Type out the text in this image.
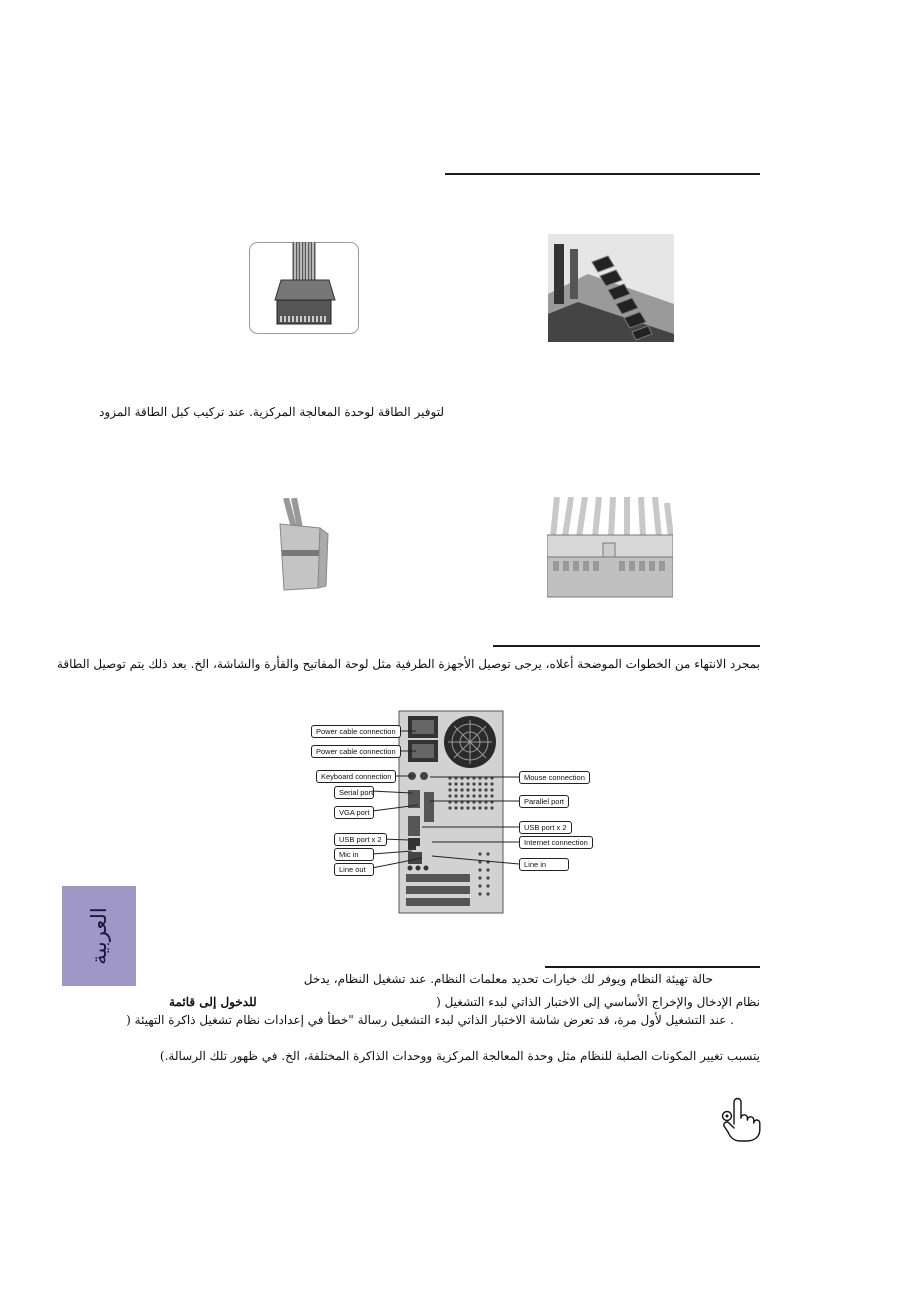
لتوفير الطاقة لوحدة المعالجة المركزية. عند تركيب كبل الطاقة المزود
بمجرد الانتهاء من الخطوات الموضحة أعلاه، يرجى توصيل الأجهزة الطرفية مثل لوحة المفاتيح والفأرة والشاشة، الخ. بعد ذلك يتم توصيل الطاقة
Power cable connection
Power cable connection
Keyboard connection
Serial port
VGA port
USB port x 2
Mic in
Line out
Mouse connection
Parallel port
USB port x 2
Internet connection
Line in
العربية
حالة تهيئة النظام ويوفر لك خيارات تحديد معلمات النظام. عند تشغيل النظام، يدخل
نظام الإدخال والإخراج الأساسي إلى الاختبار الذاتي لبدء التشغيل (
للدخول إلى قائمة
. عند التشغيل لأول مرة، قد تعرض شاشة الاختبار الذاتي لبدء التشغيل رسالة "خطأ في إعدادات نظام تشغيل ذاكرة التهيئة (
يتسبب تغيير المكونات الصلبة للنظام مثل وحدة المعالجة المركزية ووحدات الذاكرة المختلفة، الخ. في ظهور تلك الرسالة.)
